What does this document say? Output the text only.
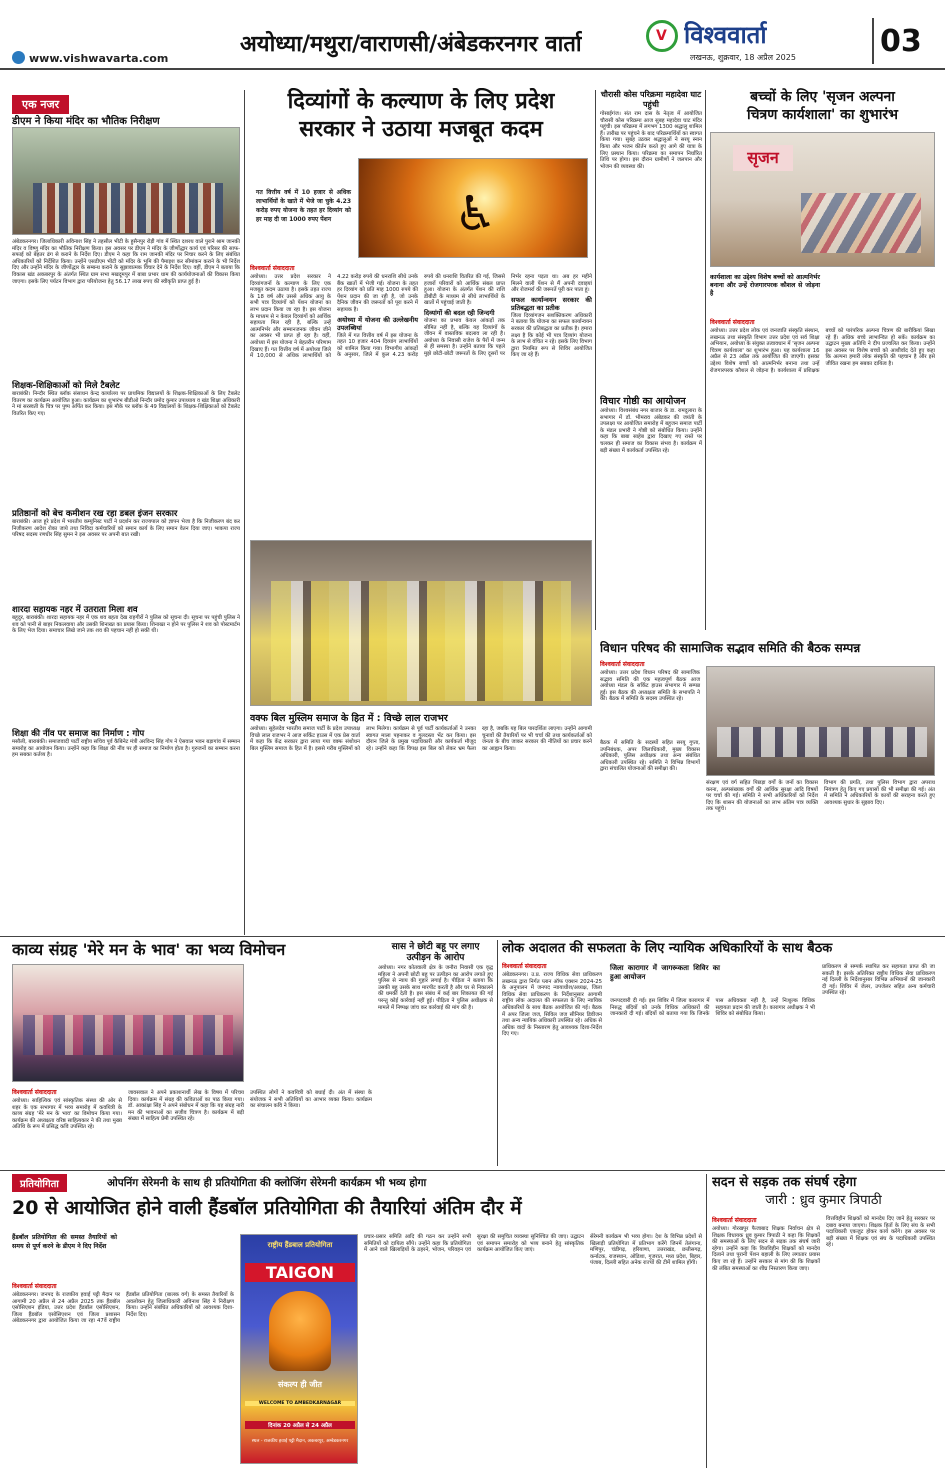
www.vishwavarta.com
अयोध्या/मथुरा/वाराणसी/अंबेडकरनगर वार्ता	V विश्ववार्ता
लखनऊ, शुक्रवार, 18 अप्रैल 2025	03
एक नजर
डीएम ने किया मंदिर का भौतिक निरीक्षण
अंबेडकरनगर। जिलाधिकारी अविनाश सिंह ने तहसील भीटी के हुसैनपुर रोड़ी गांव में स्थित दशरथ वाले पुराने श्राम जानकी मंदिर व विष्णु मंदिर का भौतिक निरीक्षण किया। इस अवसर पर डीएम ने मंदिर के जीर्णोद्धार कार्य एवं परिसर की साफ-सफाई को बेहतर ढंग से कराने के निर्देश दिए। डीएम ने कहा कि राम जानकी मंदिर पर निचार करने के लिए संबंधित अधिकारियों को निर्देशित किया। उन्होंने एसडीएम भीटी को मंदिर के भूमि की पैमाइश कर सीमांकन कराने के भी निर्देश दिए और उन्होंने मंदिर के जीर्णोद्धार के सम्बन्ध कराने के सुझावात्मक विचार देने के निर्देश दिए। वहीं, डीएम ने बताया कि विकास खंड अकबरपुर के अंतर्गत स्थित ग्राम सभा मखदूमपुर में बाबा प्रभार धाम की कार्ययोजनाओं की विकास किया जाएगा। इसके लिए पर्यटन विभाग द्वारा परियोजना हेतु 56.17 लाख रुपए की स्वीकृति प्राप्त हुई है।
शिक्षक-शिक्षिकाओं को मिले टैबलेट
बाराबंकी। निन्दौर स्थित ब्लॉक संसाधन केन्द्र कार्यालय पर प्राथमिक विद्यालयों के शिक्षक-शिक्षिकाओं के लिए टैबलेट वितरण का कार्यक्रम आयोजित हुआ। कार्यक्रम का शुभारंभ बीडीओ निन्दौर प्रमोद कुमार उपाध्याय व खंड शिक्षा अधिकारी ने मां सरस्वती के चित्र पर पुष्प अर्पित कर किया। इस मौके पर ब्लॉक के 49 विद्यालयों के शिक्षक-शिक्षिकाओं को टैबलेट वितरित किए गए।
प्रतिष्ठानों को बेच कमीशन रख रहा डबल इंजन सरकार
बाराबंकी। आज हूरे प्रदेश में भारतीय कम्युनिस्ट पार्टी ने प्रदर्शन कर राज्यपाल को ज्ञापन भेजा है कि निजीकरण बंद कर निजीकरण आदेश रोका जाये तथा निविदा कर्मचारियों को समान कार्य के लिए समान वेतन दिया जाए। भाकपा राज्य परिषद सदस्य रणधीर सिंह सुमन ने इस अवसर पर अपनी बात रखी।
शारदा सहायक नहर में उतराता मिला शव
बहुदुर, बाराबंकी। शारदा सहायक नहर में एक शव बहता देख राहगीरों ने पुलिस को सूचना दी। सूचना पर पहुंची पुलिस ने शव को पानी से बाहर निकलवाया और उसकी शिनाख्त का प्रयास किया। शिनाख्त न होने पर पुलिस ने शव को पोस्टमार्टम के लिए भेज दिया। समाचार लिखे जाने तक शव की पहचान नहीं हो सकी थी।
शिक्षा की नींव पर समाज का निर्माण : गोप
मसौली, बाराबंकी। समाजवादी पार्टी राष्ट्रीय सचिव पूर्व कैबिनेट मंत्री अरविन्द सिंह गोप ने ऐसवाल भवन बड़ागांव में सम्मान समारोह का आयोजन किया। उन्होंने कहा कि शिक्षा की नींव पर ही समाज का निर्माण होता है। गुरुजनों का सम्मान करना हम सबका कर्तव्य है।
दिव्यांगों के कल्याण के लिए प्रदेश
सरकार ने उठाया मजबूत कदम
गत वित्तीय वर्ष में 10 हजार से अधिक लाभार्थियों के खाते में भेजे जा चुके 4.23 करोड़ रुपए योजना के तहत हर दिव्यांग को हर माह दी जा 1000 रुपए पेंशन	♿
विश्ववार्ता संवाददाता
अयोध्या। उत्तर प्रदेश सरकार ने दिव्यांगजनों के कल्याण के लिए एक मजबूत कदम उठाया है। इसके तहत राज्य के 18 वर्ष और उससे अधिक आयु के सभी पात्र दिव्यांगों को पेंशन योजना का लाभ प्रदान किया जा रहा है। इस योजना के माध्यम से न केवल दिव्यांगों को आर्थिक सहायता मिल रही है, बल्कि उन्हें आत्मनिर्भर और सम्मानजनक जीवन जीने का अवसर भी प्राप्त हो रहा है। वहीं, अयोध्या में इस योजना ने बेहतरीन परिणाम दिखाए हैं। गत वित्तीय वर्ष में अयोध्या जिले में 10,000 से अधिक लाभार्थियों को 4.22 करोड़ रुपये की धनराशि सीधे उनके बैंक खातों में भेजी गई। योजना के तहत हर दिव्यांग को प्रति माह 1000 रुपये की पेंशन प्रदान की जा रही है, जो उनके दैनिक जीवन की जरूरतों को पूरा करने में सहायक है।
अयोध्या में योजना की उल्लेखनीय उपलब्धियां
जिले में गत वित्तीय वर्ष में इस योजना के तहत 10 हजार 404 दिव्यांग लाभार्थियों को शामिल किया गया। विभागीय आंकड़ों के अनुसार, जिले में कुल 4.23 करोड़ रुपये की धनराशि वितरित की गई, जिससे हजारों परिवारों को आर्थिक संबल प्राप्त हुआ। योजना के अंतर्गत पेंशन की राशि डीबीटी के माध्यम से सीधे लाभार्थियों के खातों में पहुंचाई जाती है।
दिव्यांगों की बदल रही जिन्दगी
योजना का प्रभाव केवल आंकड़ों तक सीमित नहीं है, बल्कि यह दिव्यांगों के जीवन में वास्तविक बदलाव ला रही है। अयोध्या के निवासी राजेश के पैरों में जन्म से ही समस्या है। उन्होंने बताया कि पहले मुझे छोटी-छोटी जरूरतों के लिए दूसरों पर निर्भर रहना पड़ता था। अब हर महीने मिलने वाली पेंशन से मैं अपनी दवाइयां और रोजमर्रा की जरूरतें पूरी कर पाता हूं।
सफल कार्यान्वयन सरकार की प्रतिबद्धता का प्रतीक
जिला दिव्यांगजन सशक्तिकरण अधिकारी ने बताया कि योजना का सफल कार्यान्वयन सरकार की प्रतिबद्धता का प्रतीक है। हमारा लक्ष्य है कि कोई भी पात्र दिव्यांग योजना के लाभ से वंचित न रहे। इसके लिए विभाग द्वारा नियमित रूप से शिविर आयोजित किए जा रहे हैं।
चौरासी कोस परिक्रमा महादेवा घाट पहुंची
गोसाईगंज। संत राम दास के नेतृत्व में आयोजित चौरासी कोस परिक्रमा आज सुबह महादेवा घाट मंदिर पहुंची। इस परिक्रमा में लगभग 1300 श्रद्धालु शामिल हैं। तारीख पर पहुंचने के बाद परिक्रमार्थियों का स्वागत किया गया। सुबह उठकर श्रद्धालुओं ने सरयू स्नान किया और भजन कीर्तन करते हुए आगे की यात्रा के लिए प्रस्थान किया। परिक्रमा का समापन निर्धारित तिथि पर होगा। इस दौरान ग्रामीणों ने जलपान और भोजन की व्यवस्था की।
विचार गोष्ठी का आयोजन
अयोध्या। विश्वसंबंध नगर बाजार के डा. रामदुलारा के सभागार में डॉ. भीमराव अंबेडकर की जयंती के उपलक्ष्य पर आयोजित समारोह में बहुजन समाज पार्टी के मंडल प्रभारी ने गोष्ठी को संबोधित किया। उन्होंने कहा कि बाबा साहेब द्वारा दिखाए गए रास्ते पर चलकर ही समाज का विकास संभव है। कार्यक्रम में बड़ी संख्या में कार्यकर्ता उपस्थित रहे।
बच्चों के लिए 'सृजन अल्पना
चित्रण कार्यशाला' का शुभारंभ
सृजन
कार्यशाला का उद्देश्य विशेष बच्चों को आत्मनिर्भर बनाना और उन्हें रोजगारपरक कौशल से जोड़ना है
विश्ववार्ता संवाददाता
अयोध्या। उत्तर प्रदेश लोक एवं जनजाति संस्कृति संस्थान, लखनऊ तथा संस्कृति विभाग उत्तर प्रदेश एवं सर्व शिक्षा अभियान, अयोध्या के संयुक्त तत्वावधान में 'सृजन अल्पना चित्रण कार्यशाला' का शुभारंभ हुआ। यह कार्यशाला 16 अप्रैल से 23 अप्रैल तक आयोजित की जाएगी। इसका उद्देश्य विशेष बच्चों को आत्मनिर्भर बनाना तथा उन्हें रोजगारपरक कौशल से जोड़ना है। कार्यशाला में प्रशिक्षक बच्चों को पारंपरिक अल्पना चित्रण की बारीकियां सिखा रहे हैं। अधिक बच्चे लाभान्वित हो सकें। कार्यक्रम का उद्घाटन मुख्य अतिथि ने दीप प्रज्वलित कर किया। उन्होंने इस अवसर पर विशेष बच्चों को आशीर्वाद देते हुए कहा कि अल्पना हमारी लोक संस्कृति की पहचान है और इसे जीवित रखना हम सबका दायित्व है।
वक्फ बिल मुस्लिम समाज के हित में : विच्छे लाल राजभर
अयोध्या। सुहेलदेव भारतीय समाज पार्टी के प्रदेश उपाध्यक्ष विच्छे लाल राजभर ने आज सर्किट हाउस में एक प्रेस वार्ता में कहा कि केंद्र सरकार द्वारा लाया गया वक्फ संशोधन बिल मुस्लिम समाज के हित में है। इससे गरीब मुस्लिमों को लाभ मिलेगा। कार्यक्रम से पूर्व पार्टी कार्यकर्ताओं ने उनका स्वागत माला पहनाकर व गुलदस्ता भेंट कर किया। इस दौरान जिले के प्रमुख पदाधिकारी और कार्यकर्ता मौजूद रहे। उन्होंने कहा कि विपक्ष इस बिल को लेकर भ्रम फैला रहा है, जबकि यह बिल पारदर्शिता लाएगा। उन्होंने आगामी चुनावों की तैयारियों पर भी चर्चा की तथा कार्यकर्ताओं को जनता के बीच जाकर सरकार की नीतियों का प्रचार करने का आह्वान किया।
विधान परिषद की सामाजिक सद्भाव समिति की बैठक सम्पन्न
विश्ववार्ता संवाददाता
अयोध्या। उत्तर प्रदेश विधान परिषद की सामाजिक सद्भाव समिति की एक महत्वपूर्ण बैठक आज अयोध्या मंडल के सर्किट हाउस सभागार में सम्पन्न हुई। इस बैठक की अध्यक्षता समिति के सभापति ने की। बैठक में समिति के सदस्य उपस्थित रहे।
बैठक में समिति के सदस्यों सहित सरयू गुप्ता, उपनिबंधक, अपर जिलाधिकारी, मुख्य विकास अधिकारी, पुलिस अधीक्षक तथा अन्य संबंधित अधिकारी उपस्थित रहे। समिति ने विभिन्न विभागों द्वारा संचालित योजनाओं की समीक्षा की।
संरक्षण एवं वर्ग सहित पिछड़ा वर्गों के जनों का विकास करना, अल्पसंख्यक वर्गों की आर्थिक सुरक्षा आदि विषयों पर चर्चा की गई। समिति ने सभी अधिकारियों को निर्देश दिए कि शासन की योजनाओं का लाभ अंतिम पात्र व्यक्ति तक पहुंचे।
विभाग की प्रगति, तथा पुलिस विभाग द्वारा अपराध नियंत्रण हेतु किए गए प्रयासों की भी समीक्षा की गई। अंत में समिति ने अधिकारियों के कार्यों की सराहना करते हुए आवश्यक सुधार के सुझाव दिए।
काव्य संग्रह 'मेरे मन के भाव' का भव्य विमोचन
विश्ववार्ता संवाददाता
अयोध्या। साहित्यिक एवं सांस्कृतिक संस्था की ओर से शहर के एक सभागार में भव्य समारोह में कवयित्री के काव्य संग्रह 'मेरे मन के भाव' का विमोचन किया गया। कार्यक्रम की अध्यक्षता वरिष्ठ साहित्यकार ने की तथा मुख्य अतिथि के रूप में प्रसिद्ध कवि उपस्थित रहे।
जावसवाल ने अपने प्रकाशनार्थी लेख के विषय में परिचय दिया। कार्यक्रम में संग्रह की कविताओं का पाठ किया गया। डॉ. आकांक्षा सिंह ने अपने संबोधन में कहा कि यह संग्रह नारी मन की भावनाओं का सजीव चित्रण है। कार्यक्रम में बड़ी संख्या में साहित्य प्रेमी उपस्थित रहे।
उपस्थित लोगों ने कवयित्री को बधाई दी। अंत में संस्था के संयोजक ने सभी अतिथियों का आभार व्यक्त किया। कार्यक्रम का संचालन कवि ने किया।
सास ने छोटी बहू पर लगाए उत्पीड़न के आरोप
अयोध्या। नगर कोतवाली क्षेत्र के जनौरा निवासी एक वृद्ध महिला ने अपनी छोटी बहू पर उत्पीड़न का आरोप लगाते हुए पुलिस से न्याय की गुहार लगाई है। पीड़िता ने बताया कि उसकी बहू उसके साथ मारपीट करती है और घर से निकालने की धमकी देती है। इस संबंध में कई बार शिकायत की गई परन्तु कोई कार्रवाई नहीं हुई। पीड़िता ने पुलिस अधीक्षक से मामले में निष्पक्ष जांच कर कार्रवाई की मांग की है।
लोक अदालत की सफलता के लिए न्यायिक अधिकारियों के साथ बैठक
विश्ववार्ता संवाददाता
अंबेडकरनगर। उ.प्र. राज्य विधिक सेवा प्राधिकरण लखनऊ द्वारा निर्गत प्लान ऑफ एक्शन 2024-25 के अनुपालन में जनपद न्यायाधीश/अध्यक्ष, जिला विधिक सेवा प्राधिकरण के निर्देशानुसार आगामी राष्ट्रीय लोक अदालत की सफलता के लिए न्यायिक अधिकारियों के साथ बैठक आयोजित की गई। बैठक में अपर जिला जज, सिविल जज सीनियर डिवीजन तथा अन्य न्यायिक अधिकारी उपस्थित रहे। अधिक से अधिक वादों के निस्तारण हेतु आवश्यक दिशा-निर्देश दिए गए।
जिला कारागार में जागरूकता शिविर का हुआ आयोजन
जनपदवारी दी गई। इस शिविर में जिला कारागार में निरुद्ध बंदियों को उनके विधिक अधिकारों की जानकारी दी गई। बंदियों को बताया गया कि जिनके पास अधिवक्ता नहीं है, उन्हें निःशुल्क विधिक सहायता प्रदान की जाती है। कारागार अधीक्षक ने भी शिविर को संबोधित किया।
प्राधिकरण से सम्पर्क स्थापित कर सहायता प्राप्त की जा सकती है। इसके अतिरिक्त राष्ट्रीय विधिक सेवा प्राधिकरण नई दिल्ली के निर्देशानुसार विभिन्न अभियानों की जानकारी दी गई। शिविर में जेलर, उपजेलर सहित अन्य कर्मचारी उपस्थित रहे।
प्रतियोगिता	ओपनिंग सेरेमनी के साथ ही प्रतियोगिता की क्लोजिंग सेरेमनी कार्यक्रम भी भव्य होगा
20 से आयोजित होने वाली हैंडबॉल प्रतियोगिता की तैयारियां अंतिम दौर में
हैंडबॉल प्रतियोगिता की समस्त तैयारियों को समय से पूर्ण करने के डीएम ने दिए निर्देश
विश्ववार्ता संवाददाता
अंबेडकरनगर। जनपद के राजकीय हवाई पट्टी मैदान पर आगामी 20 अप्रैल से 24 अप्रैल 2025 तक हैंडबॉल एसोसिएशन इंडिया, उत्तर प्रदेश हैंडबॉल एसोसिएशन, जिला हैंडबॉल एसोसिएशन एवं जिला प्रशासन अंबेडकरनगर द्वारा आयोजित किया जा रहा 47वें राष्ट्रीय हैंडबॉल प्रतियोगिता (बालक वर्ग) के समस्त तैयारियों के अवलोकन हेतु जिलाधिकारी अविनाश सिंह ने निरीक्षण किया। उन्होंने संबंधित अधिकारियों को आवश्यक दिशा-निर्देश दिए।
राष्ट्रीय हैंडबाल प्रतियोगिता
TAIGON
संकल्प ही जीत
WELCOME TO AMBEDKARNAGAR
दिनांक 20 अप्रैल से 24 अप्रैल
स्थल - राजकीय हवाई पट्टी मैदान, अकबरपुर, अम्बेडकरनगर
प्रचार-प्रसार समिति आदि की गठन कर उन्होंने सभी समितियों को दायित्व सौंपे। उन्होंने कहा कि प्रतियोगिता में आने वाले खिलाड़ियों के ठहरने, भोजन, परिवहन एवं सुरक्षा की समुचित व्यवस्था सुनिश्चित की जाए। उद्घाटन एवं समापन समारोह को भव्य बनाने हेतु सांस्कृतिक कार्यक्रम आयोजित किए जाएं।
सेरेमनी कार्यक्रम भी भव्य होगा। देश के विभिन्न प्रदेशों से खिलाड़ी प्रतियोगिता में प्रतिभाग करेंगे जिनमें तेलंगाना, मणिपुर, चंडीगढ़, हरियाणा, उत्तराखंड, छत्तीसगढ़, कर्नाटक, राजस्थान, ओडिशा, गुजरात, मध्य प्रदेश, बिहार, पंजाब, दिल्ली सहित अनेक राज्यों की टीमें शामिल होंगी।
सदन से सड़क तक संघर्ष रहेगा
जारी : ध्रुव कुमार त्रिपाठी
विश्ववार्ता संवाददाता
अयोध्या। गोरखपुर फैजाबाद शिक्षक निर्वाचन क्षेत्र से शिक्षक विधायक ध्रुव कुमार त्रिपाठी ने कहा कि शिक्षकों की समस्याओं के लिए सदन से सड़क तक संघर्ष जारी रहेगा। उन्होंने कहा कि वित्तविहीन शिक्षकों को मानदेय दिलाने तथा पुरानी पेंशन बहाली के लिए लगातार प्रयास किए जा रहे हैं। उन्होंने सरकार से मांग की कि शिक्षकों की लंबित समस्याओं का शीघ्र निस्तारण किया जाए।
वित्तविहीन शिक्षकों को मानदेय दिए जाने हेतु सरकार पर दबाव बनाया जाएगा। शिक्षक हितों के लिए संघ के सभी पदाधिकारी एकजुट होकर कार्य करेंगे। इस अवसर पर बड़ी संख्या में शिक्षक एवं संघ के पदाधिकारी उपस्थित रहे।
